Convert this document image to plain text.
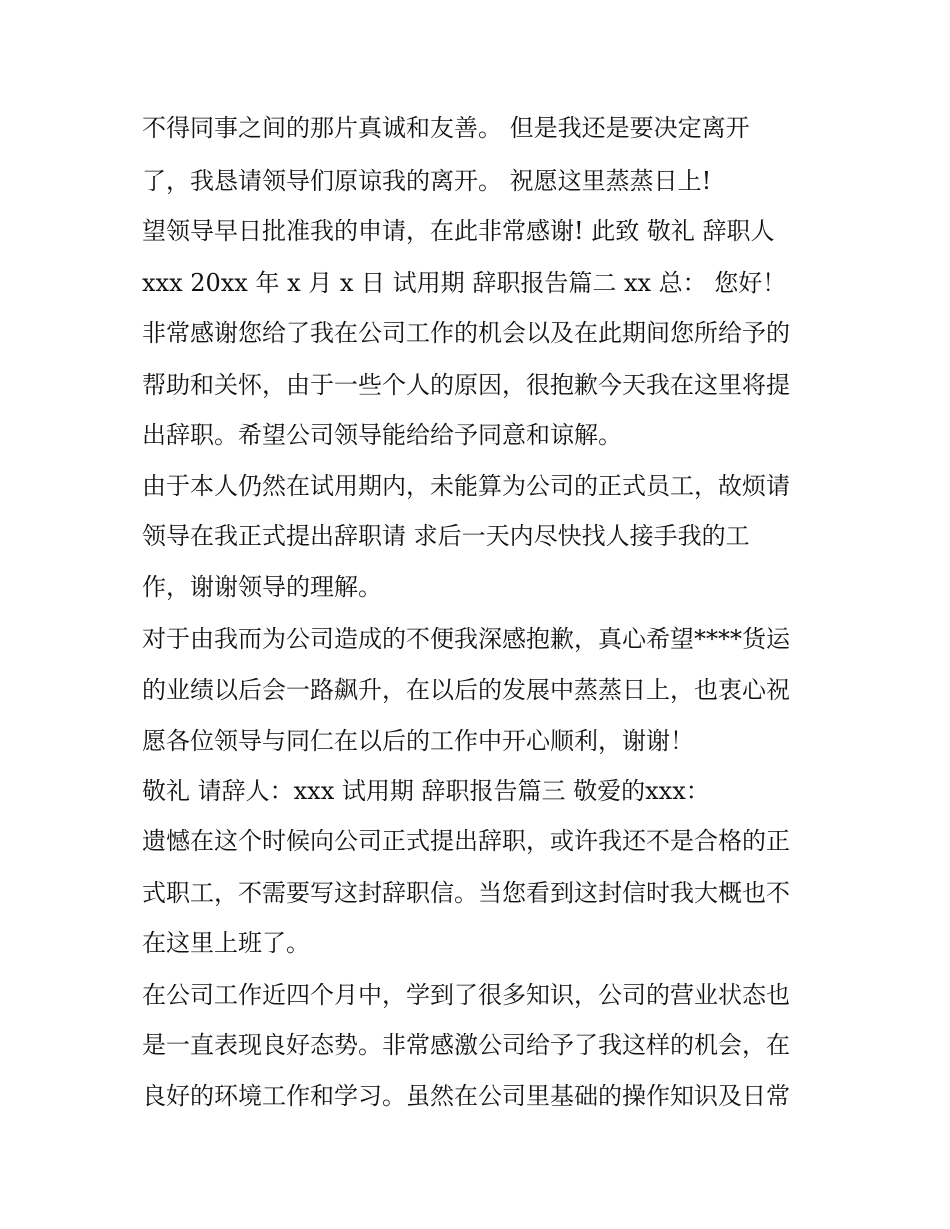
不得同事之间的那片真诚和友善。 但是我还是要决定离开
了，我恳请领导们原谅我的离开。 祝愿这里蒸蒸日上!
望领导早日批准我的申请，在此非常感谢! 此致 敬礼 辞职人
xxx 20xx 年 x 月 x 日 试用期 辞职报告篇二 xx 总： 您好！
非常感谢您给了我在公司工作的机会以及在此期间您所给予的
帮助和关怀，由于一些个人的原因，很抱歉今天我在这里将提
出辞职。希望公司领导能给给予同意和谅解。
由于本人仍然在试用期内，未能算为公司的正式员工，故烦请
领导在我正式提出辞职请 求后一天内尽快找人接手我的工
作，谢谢领导的理解。
对于由我而为公司造成的不便我深感抱歉，真心希望****货运
的业绩以后会一路飙升，在以后的发展中蒸蒸日上，也衷心祝
愿各位领导与同仁在以后的工作中开心顺利，谢谢！
敬礼 请辞人：xxx 试用期 辞职报告篇三 敬爱的xxx：
遗憾在这个时候向公司正式提出辞职，或许我还不是合格的正
式职工，不需要写这封辞职信。当您看到这封信时我大概也不
在这里上班了。
在公司工作近四个月中，学到了很多知识，公司的营业状态也
是一直表现良好态势。非常感激公司给予了我这样的机会，在
良好的环境工作和学习。虽然在公司里基础的操作知识及日常
